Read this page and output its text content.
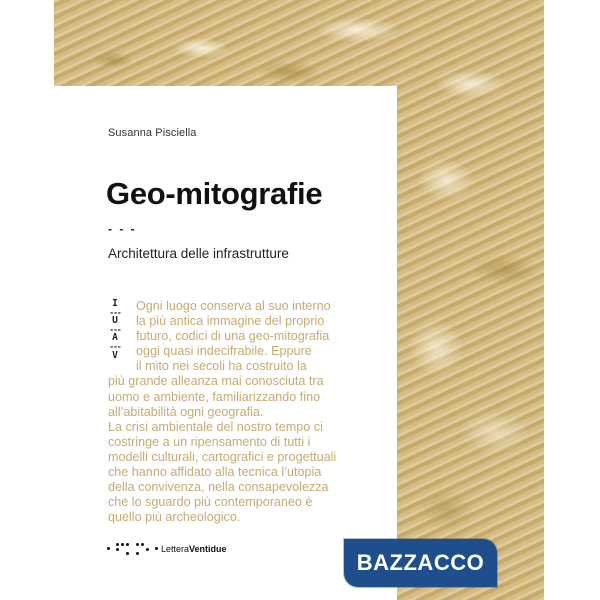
Susanna Pisciella
Geo-mitografie
- - -
Architettura delle infrastrutture
I
---
U
---
A
---
V
Ogni luogo conserva al suo interno
la più antica immagine del proprio
futuro, codici di una geo-mitografia
oggi quasi indecifrabile. Eppure
il mito nei secoli ha costruito la
più grande alleanza mai conosciuta tra
uomo e ambiente, familiarizzando fino
all’abitabilità ogni geografia.
La crisi ambientale del nostro tempo ci
costringe a un ripensamento di tutti i
modelli culturali, cartografici e progettuali
che hanno affidato alla tecnica l’utopia
della convivenza, nella consapevolezza
che lo sguardo più contemporaneo è
quello più archeologico.
LetteraVentidue
BAZZACCO
